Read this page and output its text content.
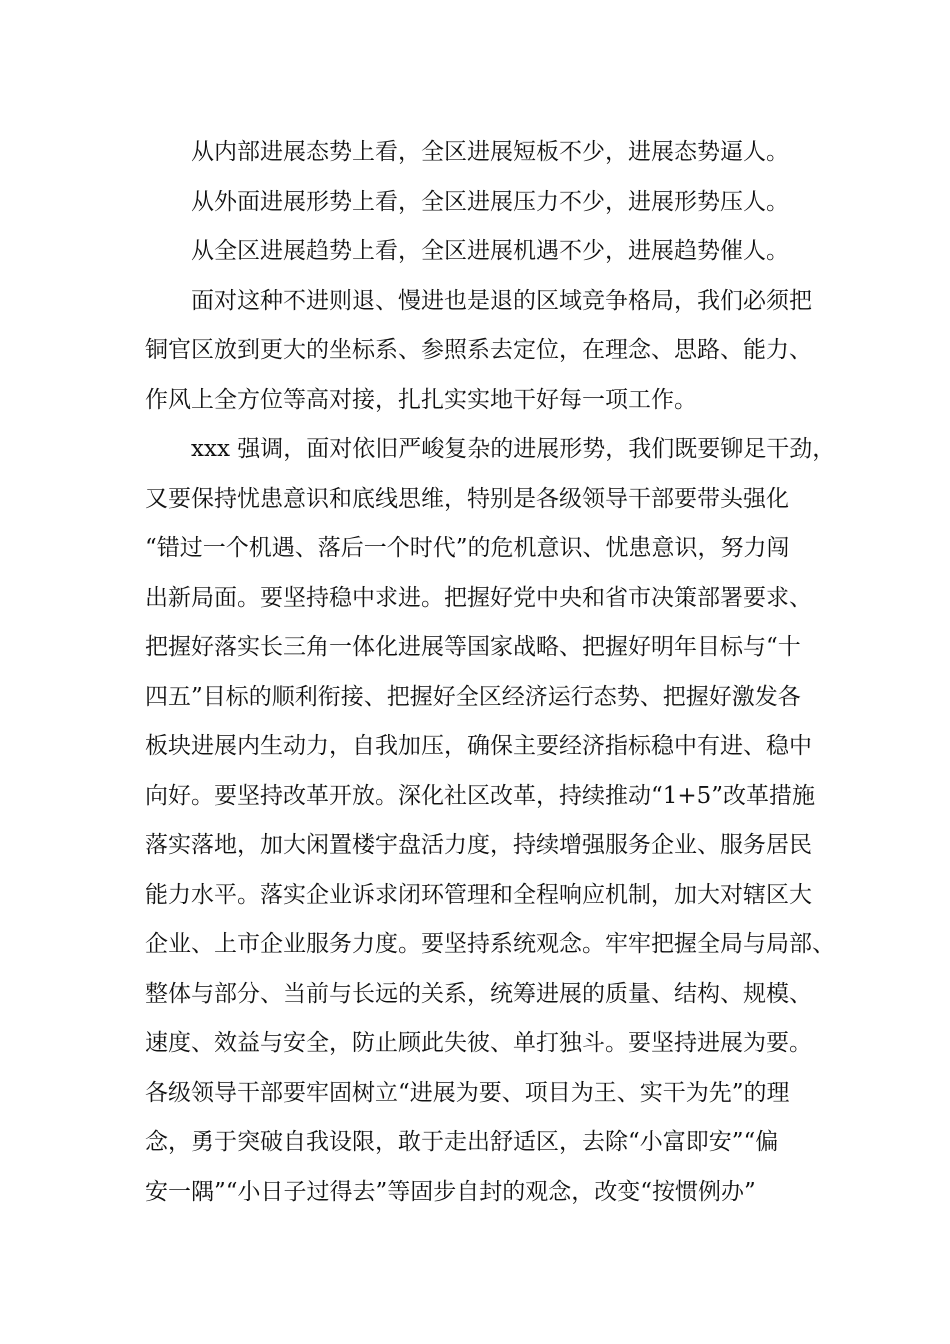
从内部进展态势上看，全区进展短板不少，进展态势逼人。

从外面进展形势上看，全区进展压力不少，进展形势压人。

从全区进展趋势上看，全区进展机遇不少，进展趋势催人。

面对这种不进则退、慢进也是退的区域竞争格局，我们必须把
铜官区放到更大的坐标系、参照系去定位，在理念、思路、能力、
作风上全方位等高对接，扎扎实实地干好每一项工作。

xxx 强调，面对依旧严峻复杂的进展形势，我们既要铆足干劲，
又要保持忧患意识和底线思维，特别是各级领导干部要带头强化
“错过一个机遇、落后一个时代”的危机意识、忧患意识，努力闯
出新局面。要坚持稳中求进。把握好党中央和省市决策部署要求、
把握好落实长三角一体化进展等国家战略、把握好明年目标与“十
四五”目标的顺利衔接、把握好全区经济运行态势、把握好激发各
板块进展内生动力，自我加压，确保主要经济指标稳中有进、稳中
向好。要坚持改革开放。深化社区改革，持续推动“1+5”改革措施
落实落地，加大闲置楼宇盘活力度，持续增强服务企业、服务居民
能力水平。落实企业诉求闭环管理和全程响应机制，加大对辖区大
企业、上市企业服务力度。要坚持系统观念。牢牢把握全局与局部、
整体与部分、当前与长远的关系，统筹进展的质量、结构、规模、
速度、效益与安全，防止顾此失彼、单打独斗。要坚持进展为要。
各级领导干部要牢固树立“进展为要、项目为王、实干为先”的理
念，勇于突破自我设限，敢于走出舒适区，去除“小富即安”“偏
安一隅”“小日子过得去”等固步自封的观念，改变“按惯例办”
